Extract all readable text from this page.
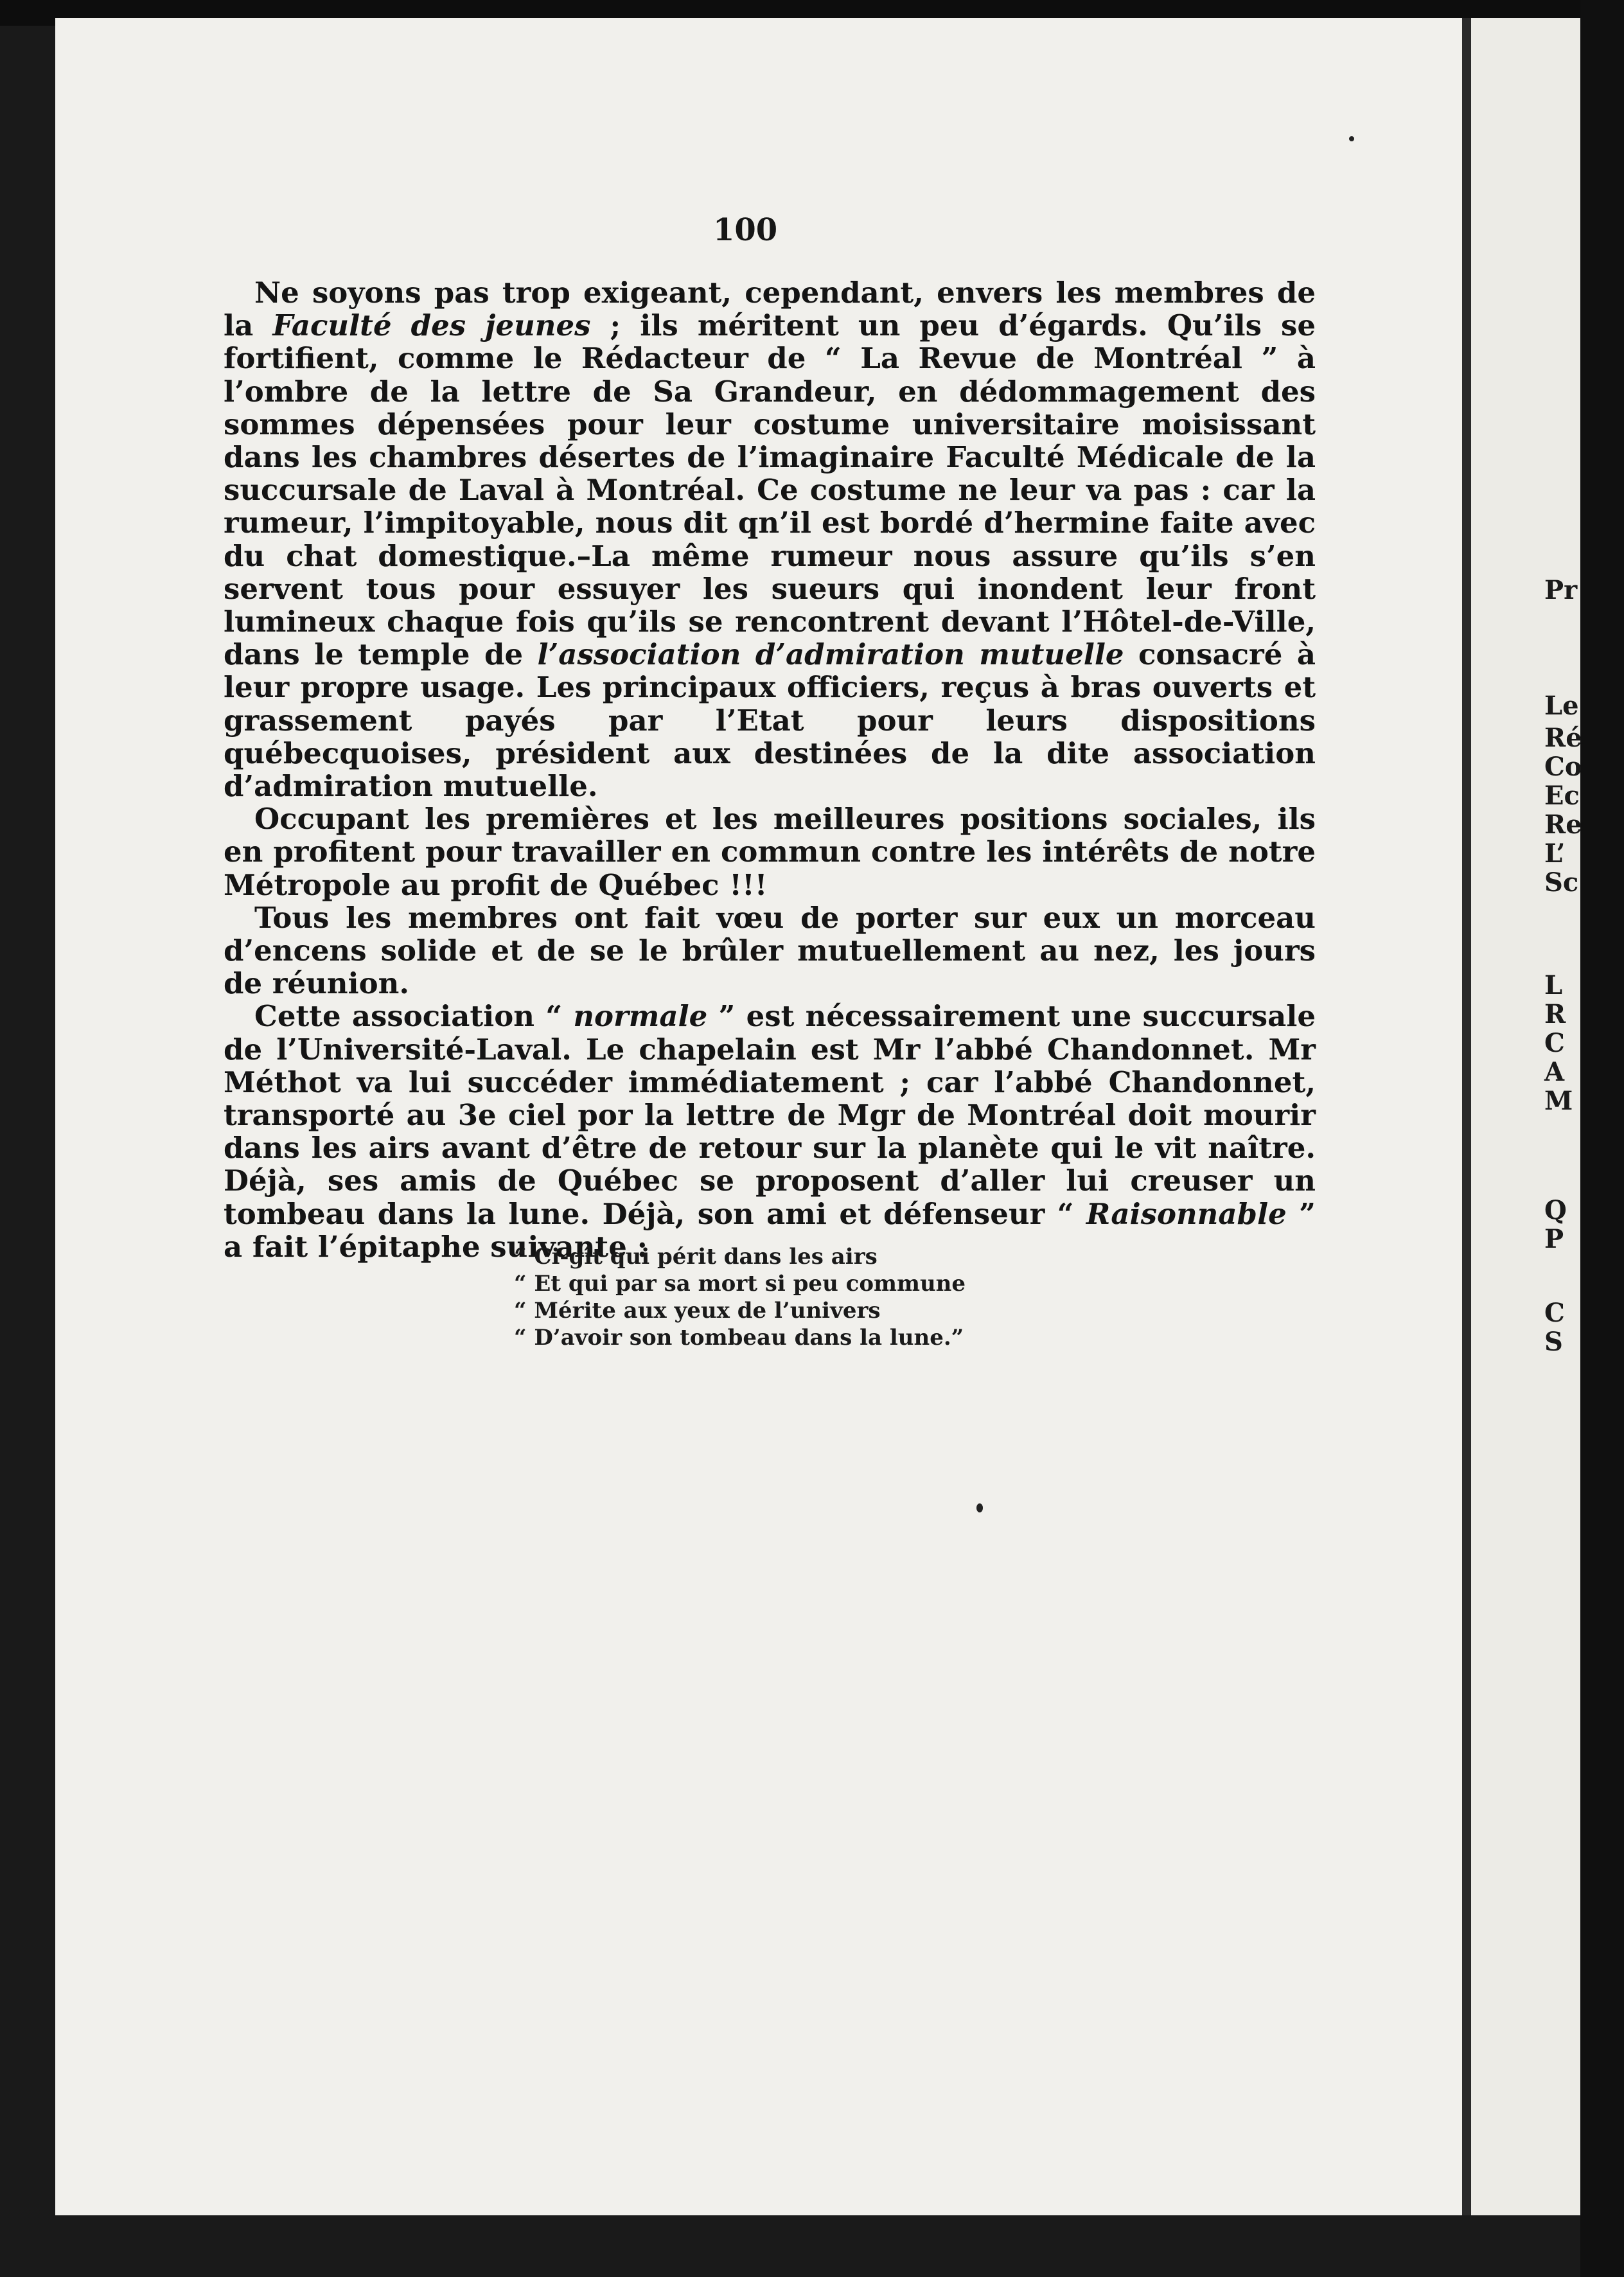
100

Ne soyons pas trop exigeant, cependant, envers les membres de la Faculté des jeunes ; ils méritent un peu d’égards. Qu’ils se fortifient, comme le Rédacteur de “ La Revue de Montréal ” à l’ombre de la lettre de Sa Grandeur, en dédommagement des sommes dépensées pour leur costume universitaire moisissant dans les chambres désertes de l’imaginaire Faculté Médicale de la succursale de Laval à Montréal. Ce costume ne leur va pas : car la rumeur, l’impitoyable, nous dit qn’il est bordé d’hermine faite avec du chat domestique.–La même rumeur nous assure qu’ils s’en servent tous pour essuyer les sueurs qui inondent leur front lumineux chaque fois qu’ils se rencontrent devant l’Hôtel-de-Ville, dans le temple de l’association d’admiration mutuelle consacré à leur propre usage. Les principaux officiers, reçus à bras ouverts et grassement payés par l’Etat pour leurs dispositions québecquoises, président aux destinées de la dite association d’admiration mutuelle.

Occupant les premières et les meilleures positions sociales, ils en profitent pour travailler en commun contre les intérêts de notre Métropole au profit de Québec !!!

Tous les membres ont fait vœu de porter sur eux un morceau d’encens solide et de se le brûler mutuellement au nez, les jours de réunion.

Cette association “ normale ” est nécessairement une succursale de l’Université-Laval. Le chapelain est Mr l’abbé Chandonnet. Mr Méthot va lui succéder immédiatement ; car l’abbé Chandonnet, transporté au 3e ciel por la lettre de Mgr de Montréal doit mourir dans les airs avant d’être de retour sur la planète qui le vit naître. Déjà, ses amis de Québec se proposent d’aller lui creuser un tombeau dans la lune. Déjà, son ami et défenseur “ Raisonnable ” a fait l’épitaphe suivante :

“ Ci-gît qui périt dans les airs
“ Et qui par sa mort si peu commune
“ Mérite aux yeux de l’univers
“ D’avoir son tombeau dans la lune.”
Pr
Le
Ré
Co
Ec
Re
L’
Sc
L
R
C
A
M
Q
P
C
S
